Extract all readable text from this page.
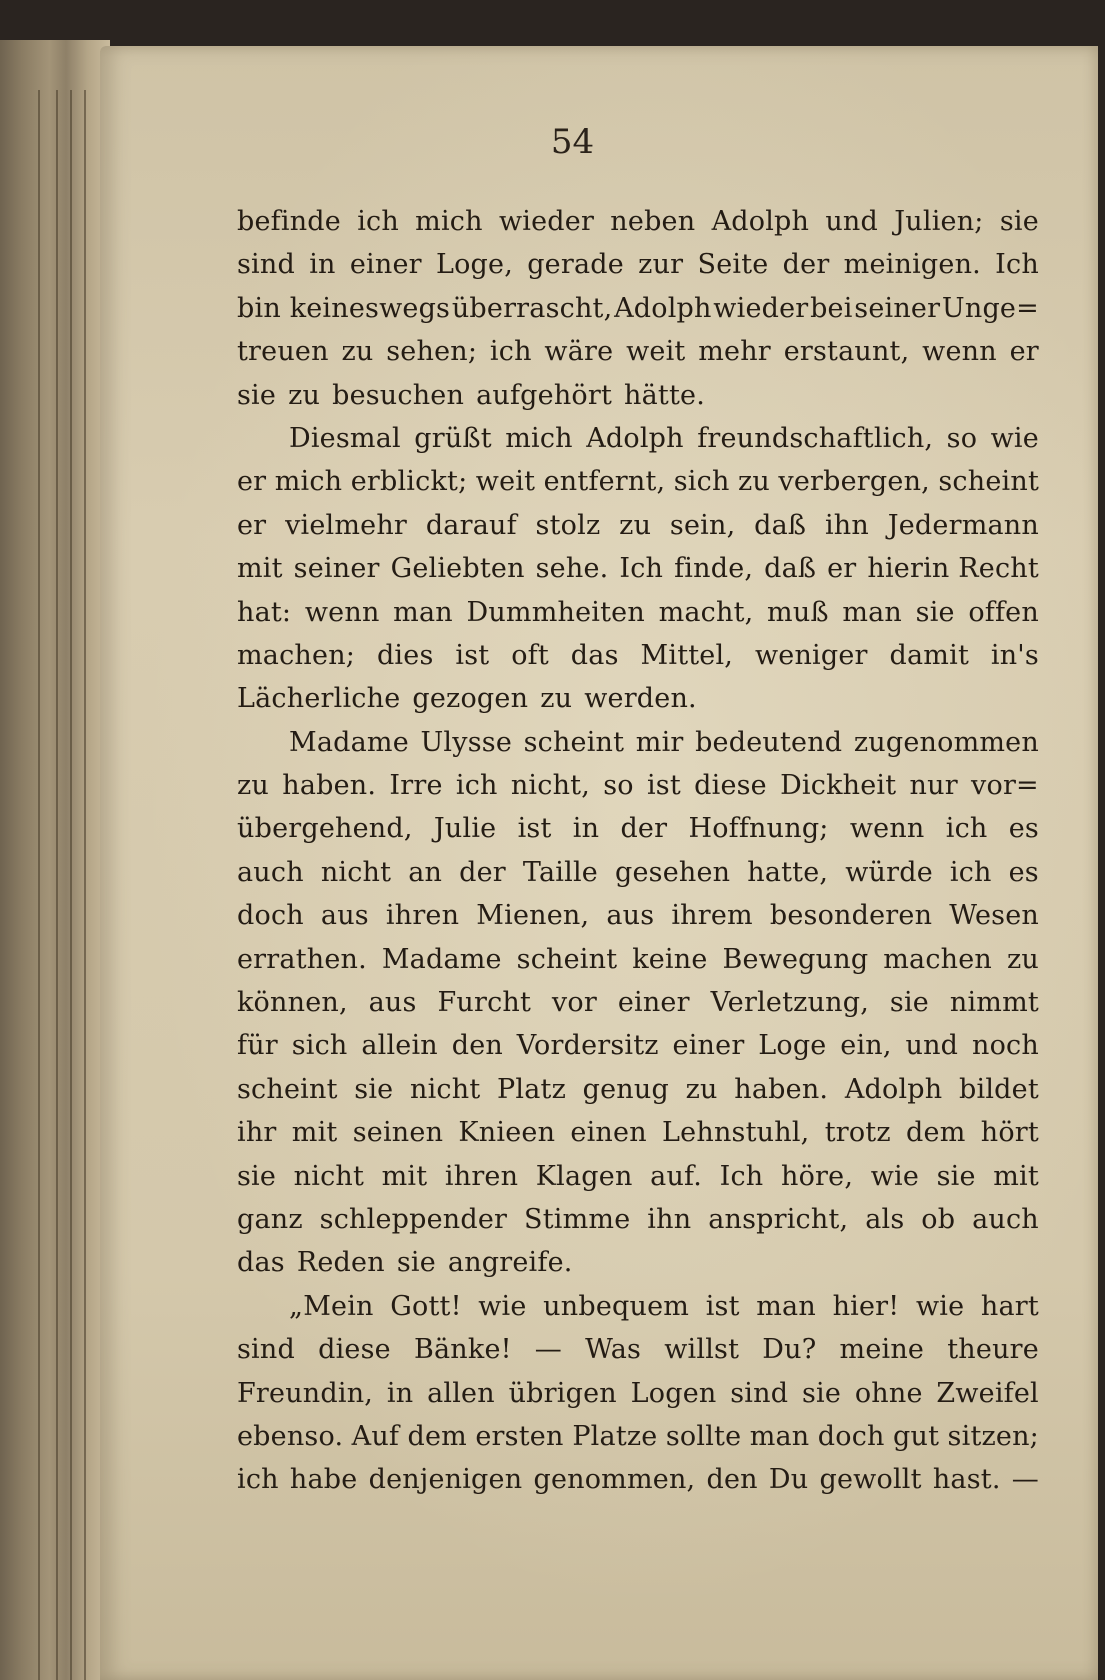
54
befinde ich mich wieder neben Adolph und Julien; sie
sind in einer Loge, gerade zur Seite der meinigen. Ich
bin keineswegs überrascht, Adolph wieder bei seiner Unge=
treuen zu sehen; ich wäre weit mehr erstaunt, wenn er
sie zu besuchen aufgehört hätte.
Diesmal grüßt mich Adolph freundschaftlich, so wie
er mich erblickt; weit entfernt, sich zu verbergen, scheint
er vielmehr darauf stolz zu sein, daß ihn Jedermann
mit seiner Geliebten sehe. Ich finde, daß er hierin Recht
hat: wenn man Dummheiten macht, muß man sie offen
machen; dies ist oft das Mittel, weniger damit in's
Lächerliche gezogen zu werden.
Madame Ulysse scheint mir bedeutend zugenommen
zu haben. Irre ich nicht, so ist diese Dickheit nur vor=
übergehend, Julie ist in der Hoffnung; wenn ich es
auch nicht an der Taille gesehen hatte, würde ich es
doch aus ihren Mienen, aus ihrem besonderen Wesen
errathen. Madame scheint keine Bewegung machen zu
können, aus Furcht vor einer Verletzung, sie nimmt
für sich allein den Vordersitz einer Loge ein, und noch
scheint sie nicht Platz genug zu haben. Adolph bildet
ihr mit seinen Knieen einen Lehnstuhl, trotz dem hört
sie nicht mit ihren Klagen auf. Ich höre, wie sie mit
ganz schleppender Stimme ihn anspricht, als ob auch
das Reden sie angreife.
„Mein Gott! wie unbequem ist man hier! wie hart
sind diese Bänke! — Was willst Du? meine theure
Freundin, in allen übrigen Logen sind sie ohne Zweifel
ebenso. Auf dem ersten Platze sollte man doch gut sitzen;
ich habe denjenigen genommen, den Du gewollt hast. —
